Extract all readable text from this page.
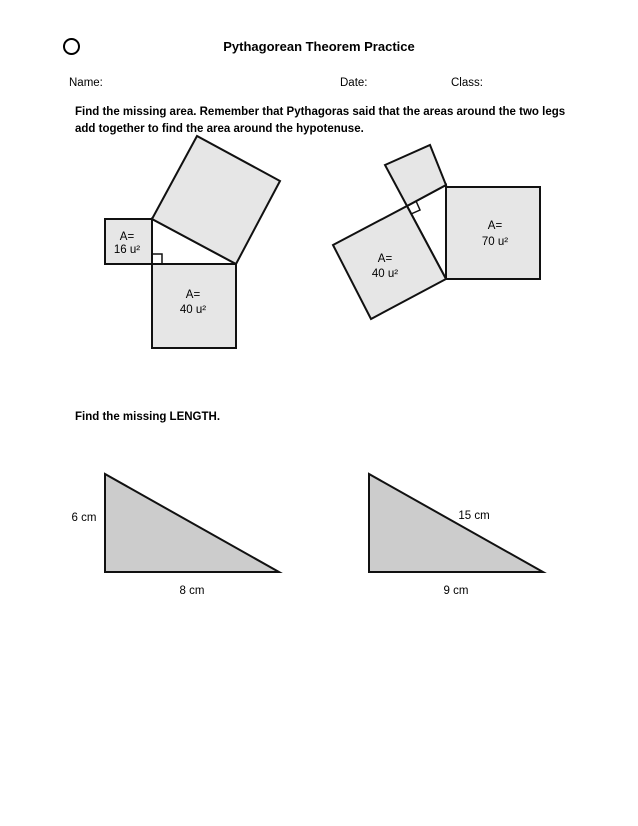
Pythagorean Theorem Practice
Name:	Date:	Class:
Find the missing area. Remember that Pythagoras said that the areas around the two legs add together to find the area around the hypotenuse.
Find the missing LENGTH.
A=
16 u²
A=
40 u²
A=
40 u²
A=
70 u²
6 cm
8 cm
15 cm
9 cm
